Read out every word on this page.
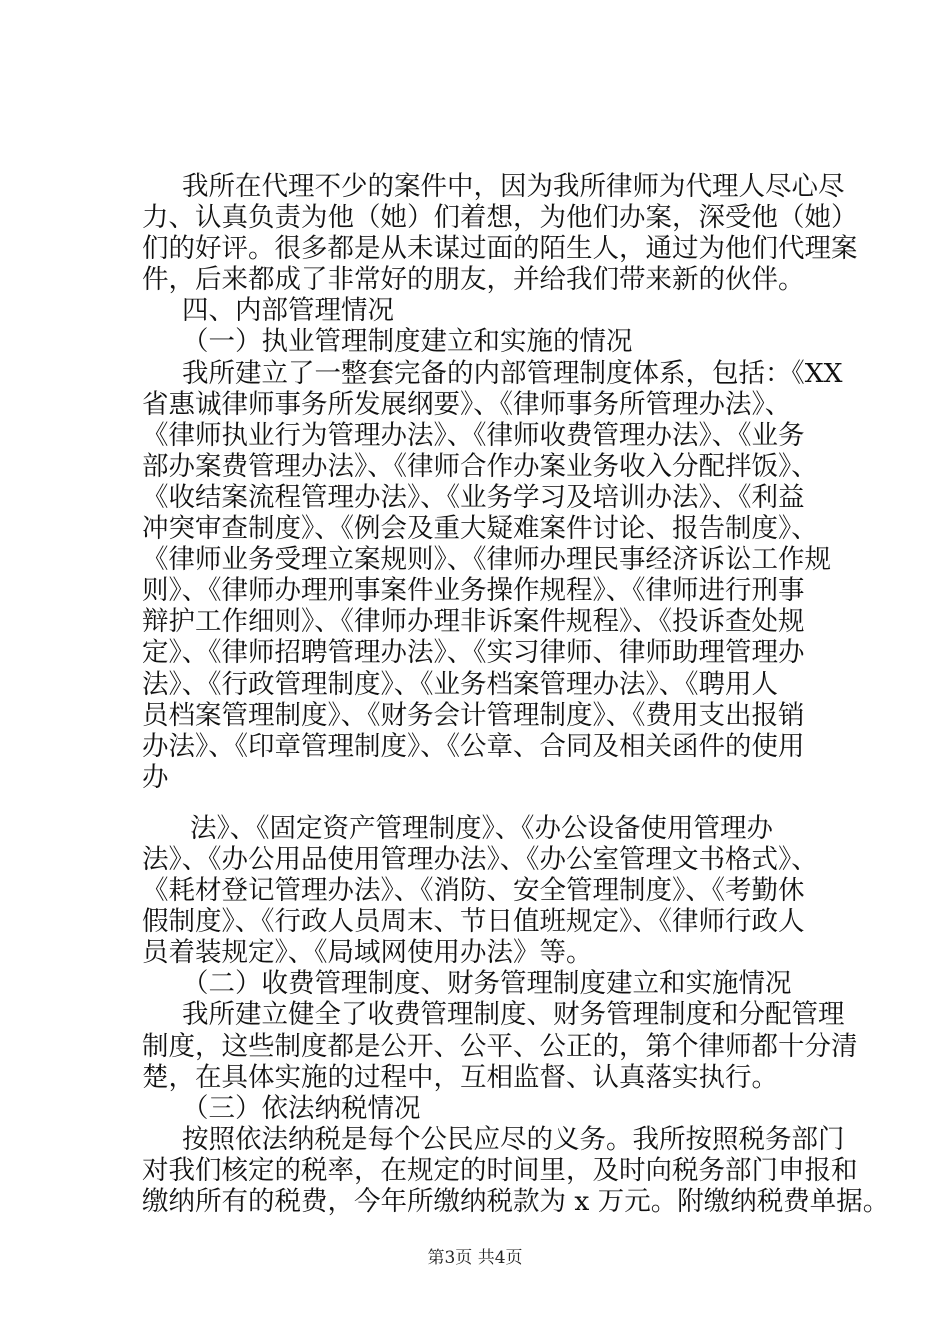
我所在代理不少的案件中，因为我所律师为代理人尽心尽
力、认真负责为他（她）们着想，为他们办案，深受他（她）
们的好评。很多都是从未谋过面的陌生人，通过为他们代理案
件，后来都成了非常好的朋友，并给我们带来新的伙伴。
四、内部管理情况
（一）执业管理制度建立和实施的情况
我所建立了一整套完备的内部管理制度体系，包括：《XX
省惠诚律师事务所发展纲要》、《律师事务所管理办法》、
《律师执业行为管理办法》、《律师收费管理办法》、《业务
部办案费管理办法》、《律师合作办案业务收入分配拌饭》、
《收结案流程管理办法》、《业务学习及培训办法》、《利益
冲突审查制度》、《例会及重大疑难案件讨论、报告制度》、
《律师业务受理立案规则》、《律师办理民事经济诉讼工作规
则》、《律师办理刑事案件业务操作规程》、《律师进行刑事
辩护工作细则》、《律师办理非诉案件规程》、《投诉查处规
定》、《律师招聘管理办法》、《实习律师、律师助理管理办
法》、《行政管理制度》、《业务档案管理办法》、《聘用人
员档案管理制度》、《财务会计管理制度》、《费用支出报销
办法》、《印章管理制度》、《公章、合同及相关函件的使用
办
法》、《固定资产管理制度》、《办公设备使用管理办
法》、《办公用品使用管理办法》、《办公室管理文书格式》、
《耗材登记管理办法》、《消防、安全管理制度》、《考勤休
假制度》、《行政人员周末、节日值班规定》、《律师行政人
员着装规定》、《局域网使用办法》等。
（二）收费管理制度、财务管理制度建立和实施情况
我所建立健全了收费管理制度、财务管理制度和分配管理
制度，这些制度都是公开、公平、公正的，第个律师都十分清
楚，在具体实施的过程中，互相监督、认真落实执行。
（三）依法纳税情况
按照依法纳税是每个公民应尽的义务。我所按照税务部门
对我们核定的税率，在规定的时间里，及时向税务部门申报和
缴纳所有的税费，今年所缴纳税款为 x 万元。附缴纳税费单据。
第3页 共4页
